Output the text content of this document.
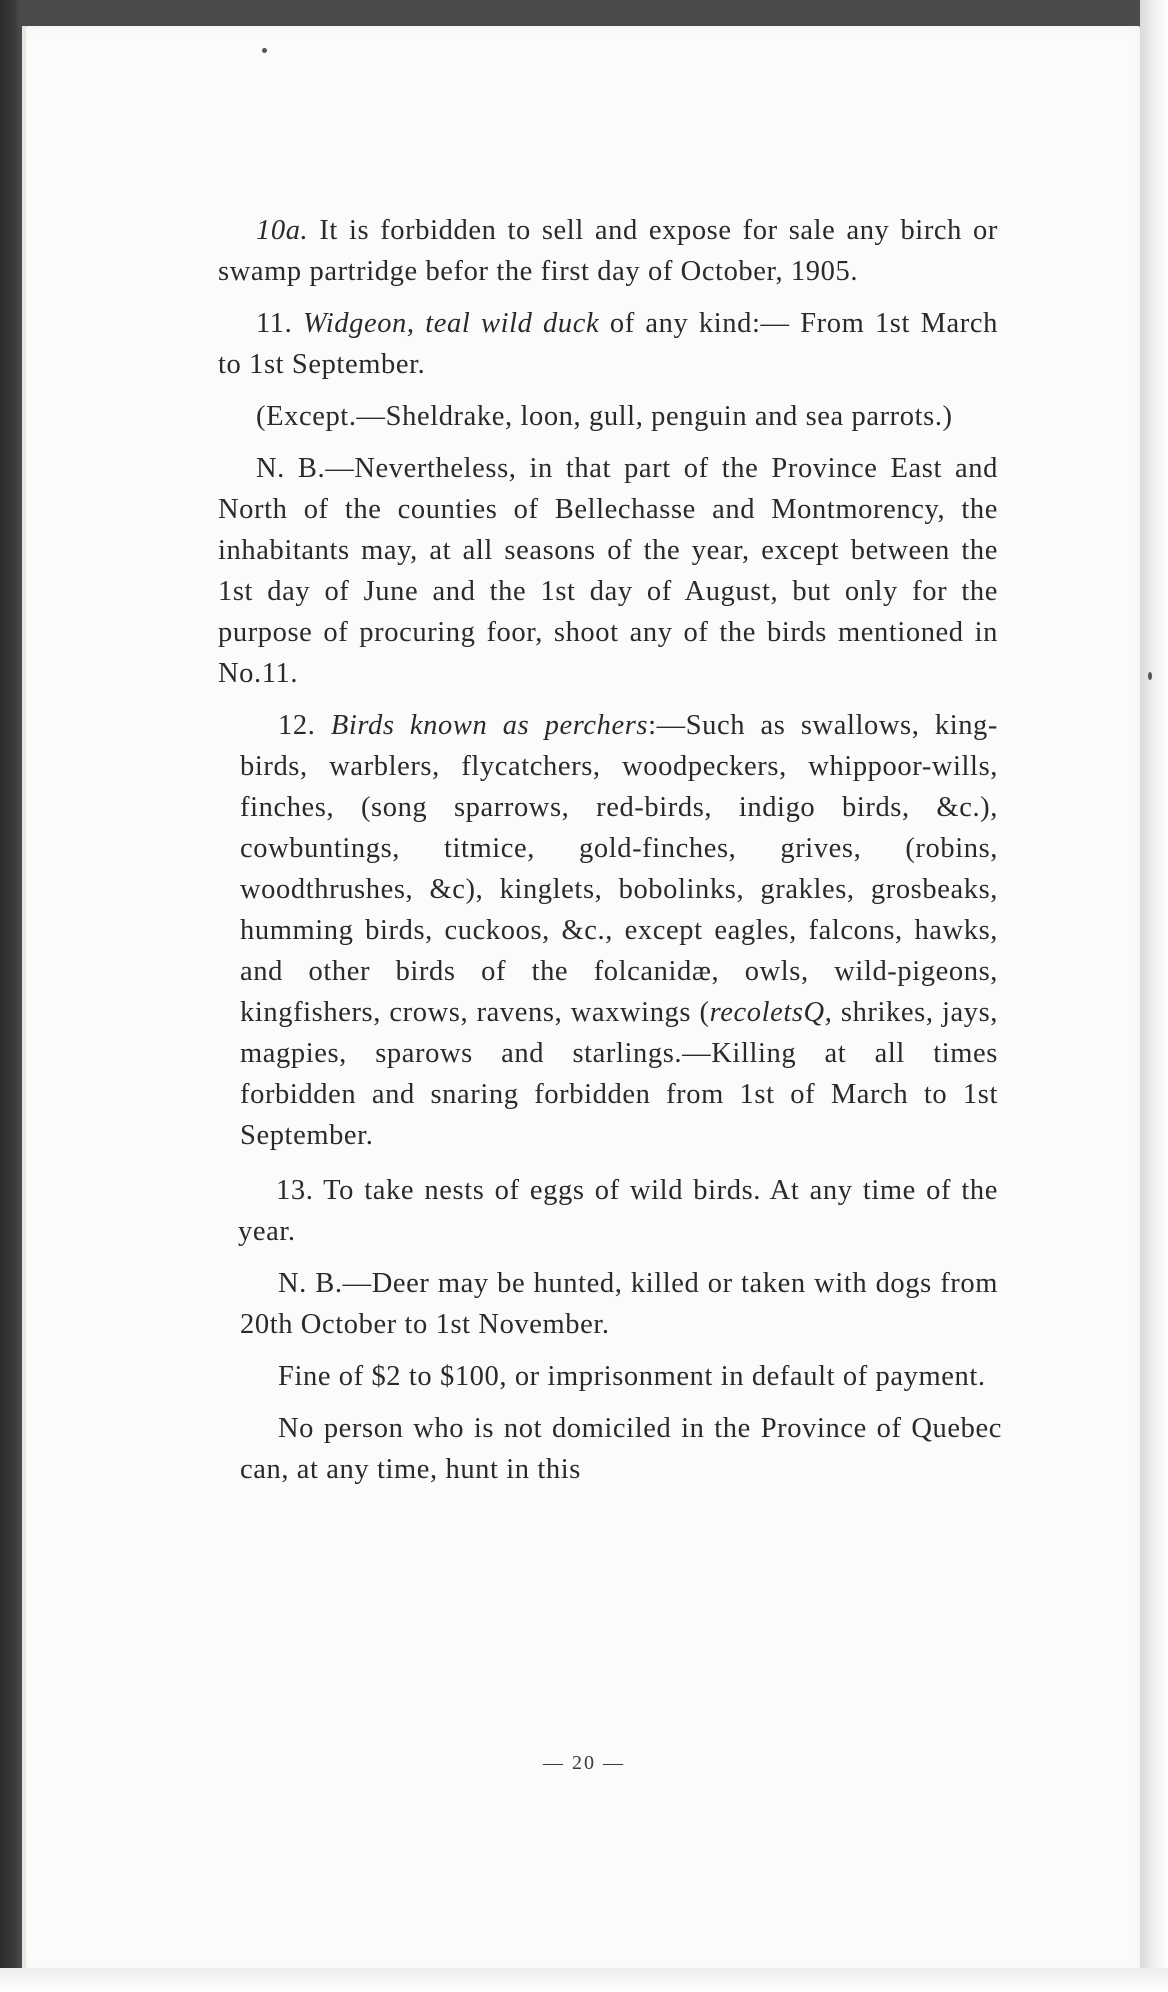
10a. It is forbidden to sell and expose for sale any birch or swamp partridge befor the first day of October, 1905.

11. Widgeon, teal wild duck of any kind:— From 1st March to 1st September.

(Except.—Sheldrake, loon, gull, penguin and sea parrots.)

N. B.—Nevertheless, in that part of the Province East and North of the counties of Bellechasse and Montmorency, the inhabitants may, at all seasons of the year, except between the 1st day of June and the 1st day of August, but only for the purpose of procuring foor, shoot any of the birds mentioned in No.11.

12. Birds known as perchers:—Such as swallows, king-birds, warblers, flycatchers, woodpeckers, whippoor-wills, finches, (song sparrows, red-birds, indigo birds, &c.), cowbuntings, titmice, gold-finches, grives, (robins, woodthrushes, &c), kinglets, bobolinks, grakles, grosbeaks, humming birds, cuckoos, &c., except eagles, falcons, hawks, and other birds of the folcanidæ, owls, wild-pigeons, kingfishers, crows, ravens, waxwings (recoletsQ, shrikes, jays, magpies, sparows and starlings.—Killing at all times forbidden and snaring forbidden from 1st of March to 1st September.

13. To take nests of eggs of wild birds. At any time of the year.

N. B.—Deer may be hunted, killed or taken with dogs from 20th October to 1st November.

Fine of $2 to $100, or imprisonment in default of payment.

No person who is not domiciled in the Province of Quebec can, at any time, hunt in this

— 20 —
